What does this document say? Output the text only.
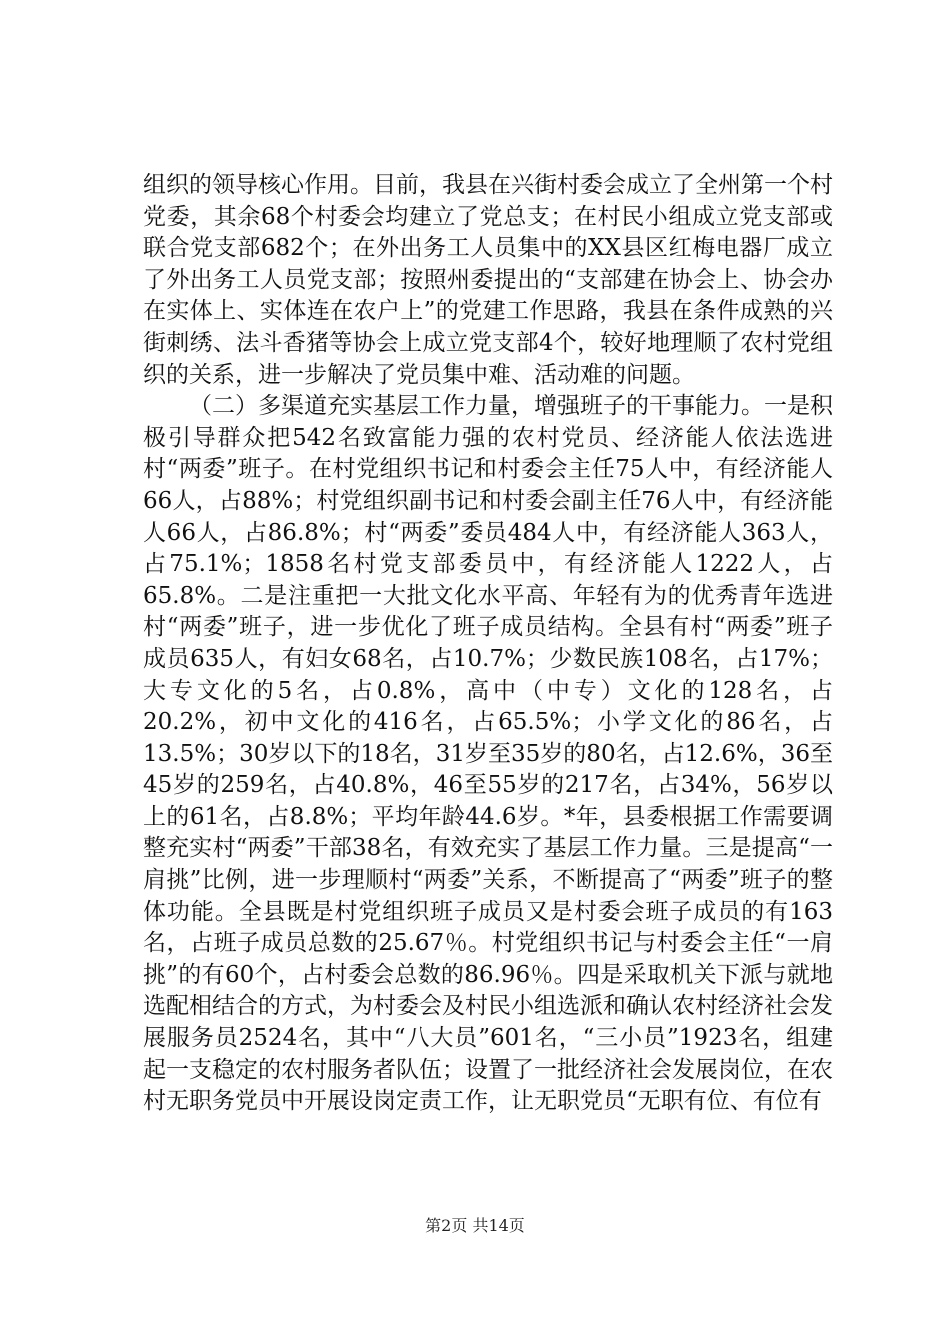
组织的领导核心作用。目前，我县在兴街村委会成立了全州第一个村党委，其余68个村委会均建立了党总支；在村民小组成立党支部或联合党支部682个；在外出务工人员集中的XX县区红梅电器厂成立了外出务工人员党支部；按照州委提出的“支部建在协会上、协会办在实体上、实体连在农户上”的党建工作思路，我县在条件成熟的兴街刺绣、法斗香猪等协会上成立党支部4个，较好地理顺了农村党组织的关系，进一步解决了党员集中难、活动难的问题。

（二）多渠道充实基层工作力量，增强班子的干事能力。一是积极引导群众把542名致富能力强的农村党员、经济能人依法选进村“两委”班子。在村党组织书记和村委会主任75人中，有经济能人66人，占88%；村党组织副书记和村委会副主任76人中，有经济能人66人，占86.8%；村“两委”委员484人中，有经济能人363人，占75.1%；1858名村党支部委员中，有经济能人1222人，占65.8%。二是注重把一大批文化水平高、年轻有为的优秀青年选进村“两委”班子，进一步优化了班子成员结构。全县有村“两委”班子成员635人，有妇女68名，占10.7%；少数民族108名，占17%；大专文化的5名，占0.8%，高中（中专）文化的128名，占20.2%，初中文化的416名，占65.5%；小学文化的86名，占13.5%；30岁以下的18名，31岁至35岁的80名，占12.6%，36至45岁的259名，占40.8%，46至55岁的217名，占34%，56岁以上的61名，占8.8%；平均年龄44.6岁。*年，县委根据工作需要调整充实村“两委”干部38名，有效充实了基层工作力量。三是提高“一肩挑”比例，进一步理顺村“两委”关系，不断提高了“两委”班子的整体功能。全县既是村党组织班子成员又是村委会班子成员的有163名，占班子成员总数的25.67％。村党组织书记与村委会主任“一肩挑”的有60个，占村委会总数的86.96％。四是采取机关下派与就地选配相结合的方式，为村委会及村民小组选派和确认农村经济社会发展服务员2524名，其中“八大员”601名，“三小员”1923名，组建起一支稳定的农村服务者队伍；设置了一批经济社会发展岗位，在农村无职务党员中开展设岗定责工作，让无职党员“无职有位、有位有

第2页 共14页
